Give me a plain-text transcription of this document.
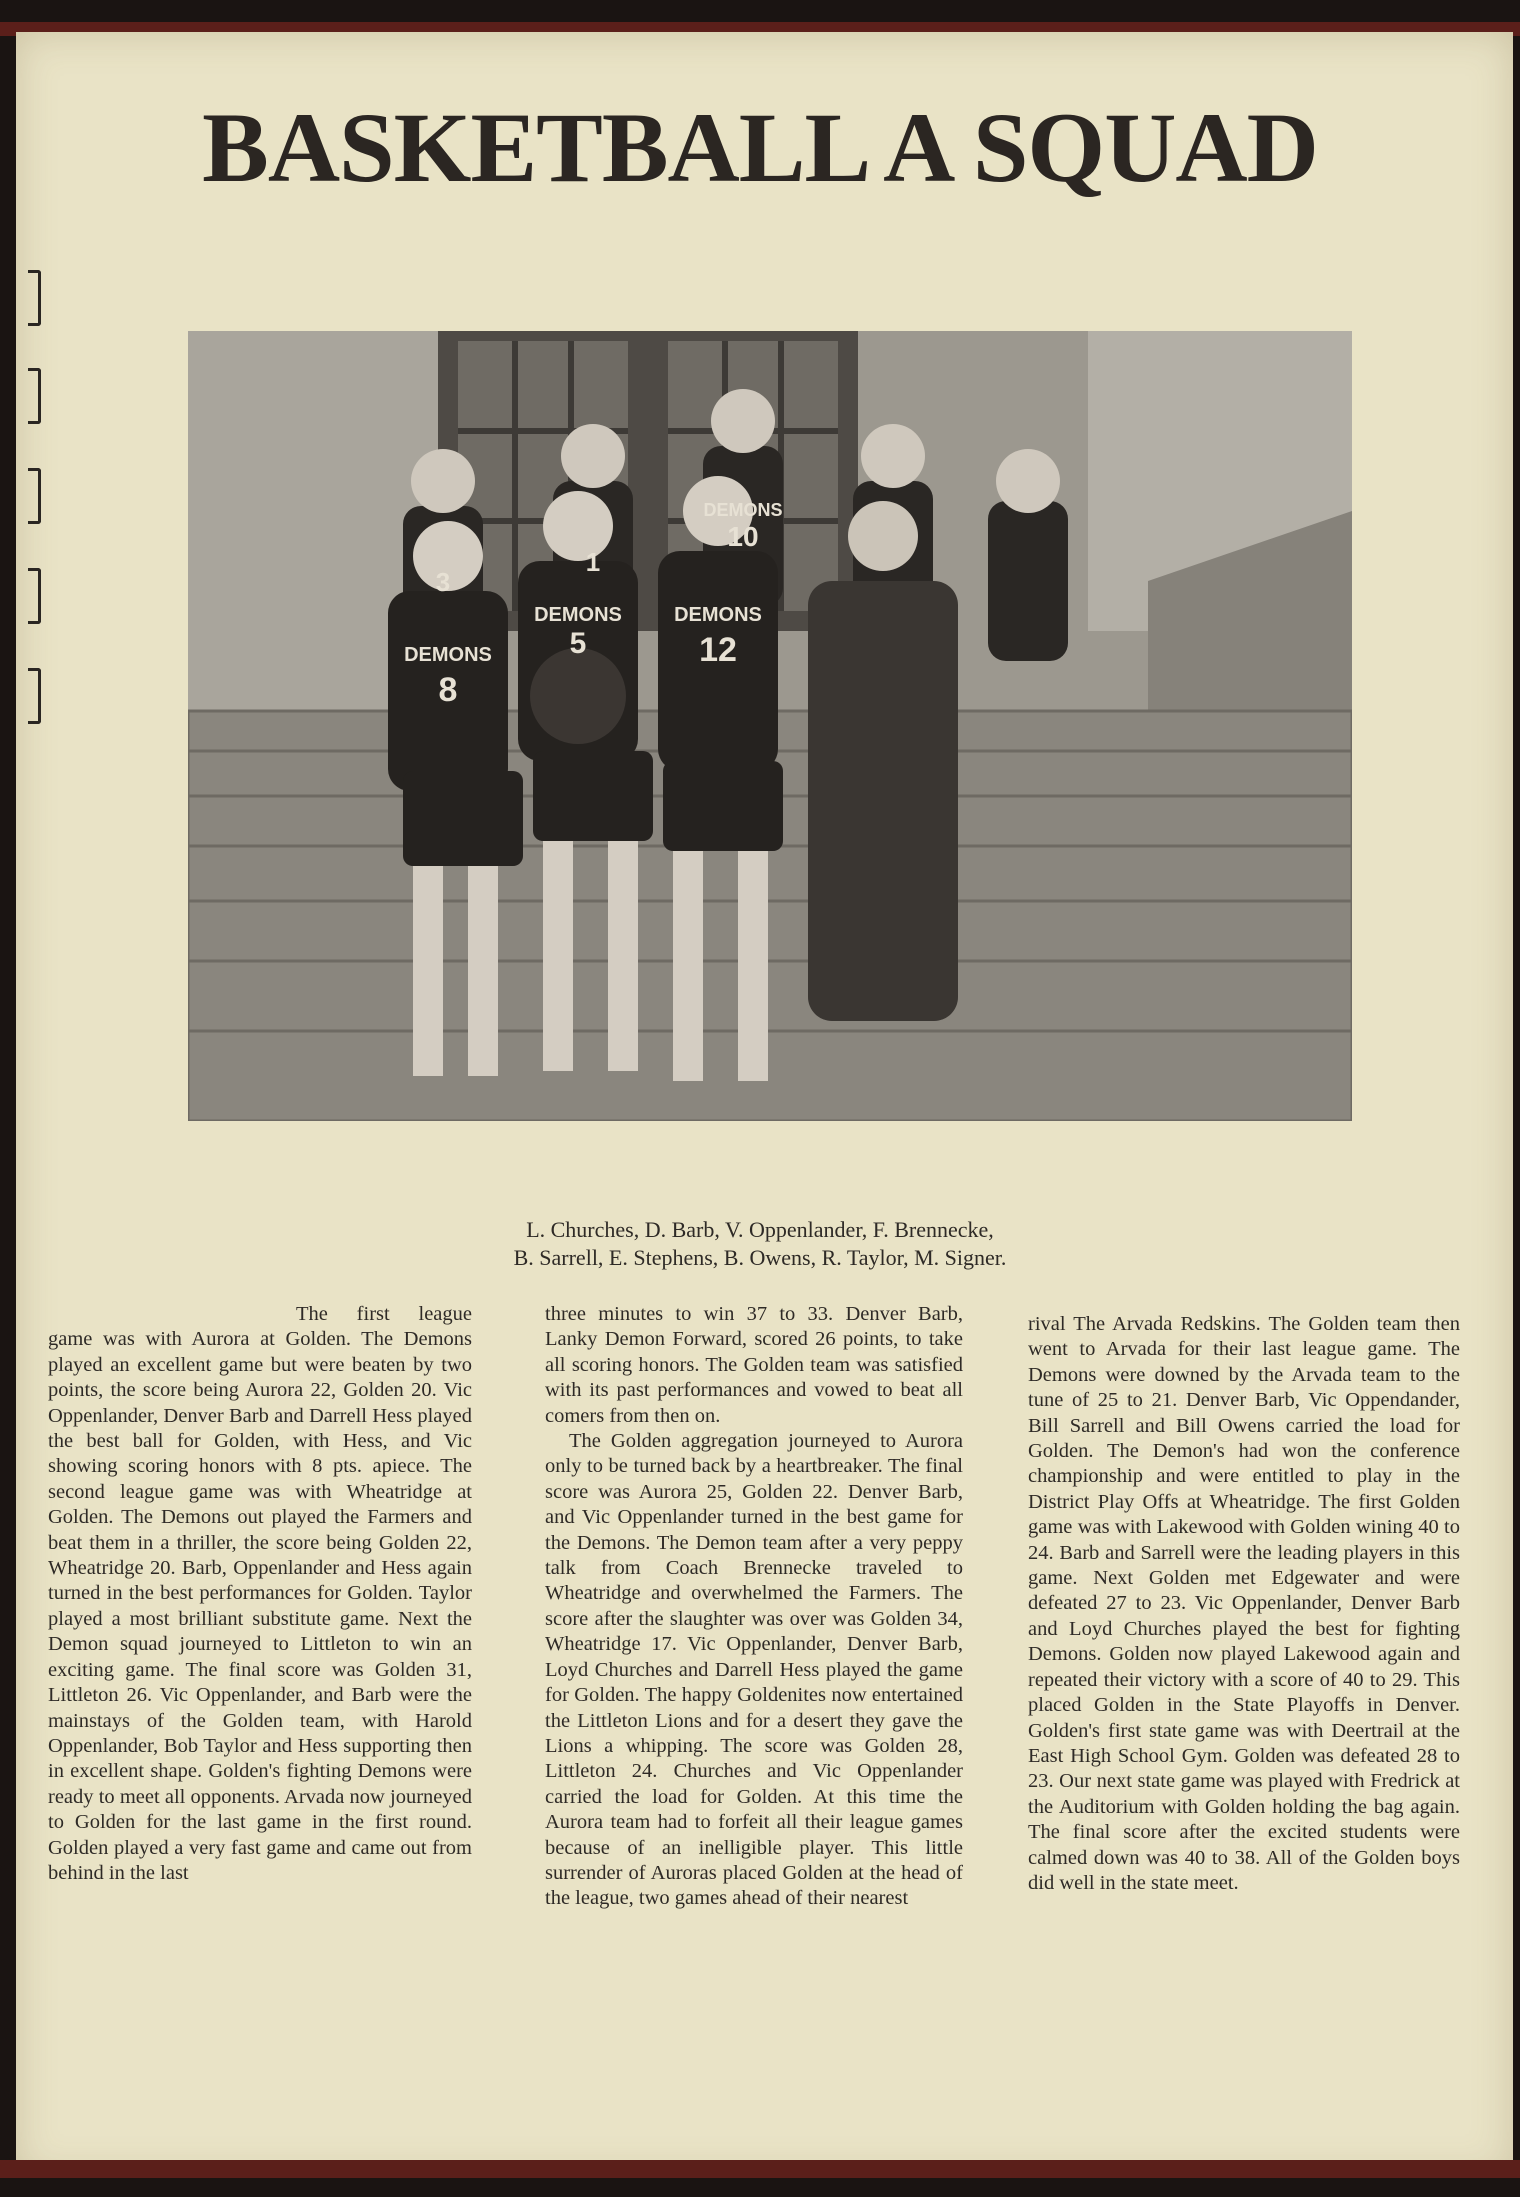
BASKETBALL A SQUAD
DEMONS
8
DEMONS
5
DEMONS
12
DEMONS
10
1
3
L. Churches, D. Barb, V. Oppenlander, F. Brennecke,
B. Sarrell, E. Stephens, B. Owens, R. Taylor, M. Signer.

The first league game was with Aurora at Golden. The Demons played an excellent game but were beaten by two points, the score being Aurora 22, Golden 20. Vic Oppenlander, Denver Barb and Darrell Hess played the best ball for Golden, with Hess, and Vic showing scoring honors with 8 pts. apiece. The second league game was with Wheatridge at Golden. The Demons out played the Farmers and beat them in a thriller, the score being Golden 22, Wheatridge 20. Barb, Oppenlander and Hess again turned in the best performances for Golden. Taylor played a most brilliant substitute game. Next the Demon squad journeyed to Littleton to win an exciting game. The final score was Golden 31, Littleton 26. Vic Oppenlander, and Barb were the mainstays of the Golden team, with Harold Oppenlander, Bob Taylor and Hess supporting then in excellent shape. Golden's fighting Demons were ready to meet all opponents. Arvada now journeyed to Golden for the last game in the first round. Golden played a very fast game and came out from behind in the last

three minutes to win 37 to 33. Denver Barb, Lanky Demon Forward, scored 26 points, to take all scoring honors. The Golden team was satisfied with its past performances and vowed to beat all comers from then on.

The Golden aggregation journeyed to Aurora only to be turned back by a heartbreaker. The final score was Aurora 25, Golden 22. Denver Barb, and Vic Oppenlander turned in the best game for the Demons. The Demon team after a very peppy talk from Coach Brennecke traveled to Wheatridge and overwhelmed the Farmers. The score after the slaughter was over was Golden 34, Wheatridge 17. Vic Oppenlander, Denver Barb, Loyd Churches and Darrell Hess played the game for Golden. The happy Goldenites now entertained the Littleton Lions and for a desert they gave the Lions a whipping. The score was Golden 28, Littleton 24. Churches and Vic Oppenlander carried the load for Golden. At this time the Aurora team had to forfeit all their league games because of an inelligible player. This little surrender of Auroras placed Golden at the head of the league, two games ahead of their nearest

rival The Arvada Redskins. The Golden team then went to Arvada for their last league game. The Demons were downed by the Arvada team to the tune of 25 to 21. Denver Barb, Vic Oppendander, Bill Sarrell and Bill Owens carried the load for Golden. The Demon's had won the conference championship and were entitled to play in the District Play Offs at Wheatridge. The first Golden game was with Lakewood with Golden wining 40 to 24. Barb and Sarrell were the leading players in this game. Next Golden met Edgewater and were defeated 27 to 23. Vic Oppenlander, Denver Barb and Loyd Churches played the best for fighting Demons. Golden now played Lakewood again and repeated their victory with a score of 40 to 29. This placed Golden in the State Playoffs in Denver. Golden's first state game was with Deertrail at the East High School Gym. Golden was defeated 28 to 23. Our next state game was played with Fredrick at the Auditorium with Golden holding the bag again. The final score after the excited students were calmed down was 40 to 38. All of the Golden boys did well in the state meet.
